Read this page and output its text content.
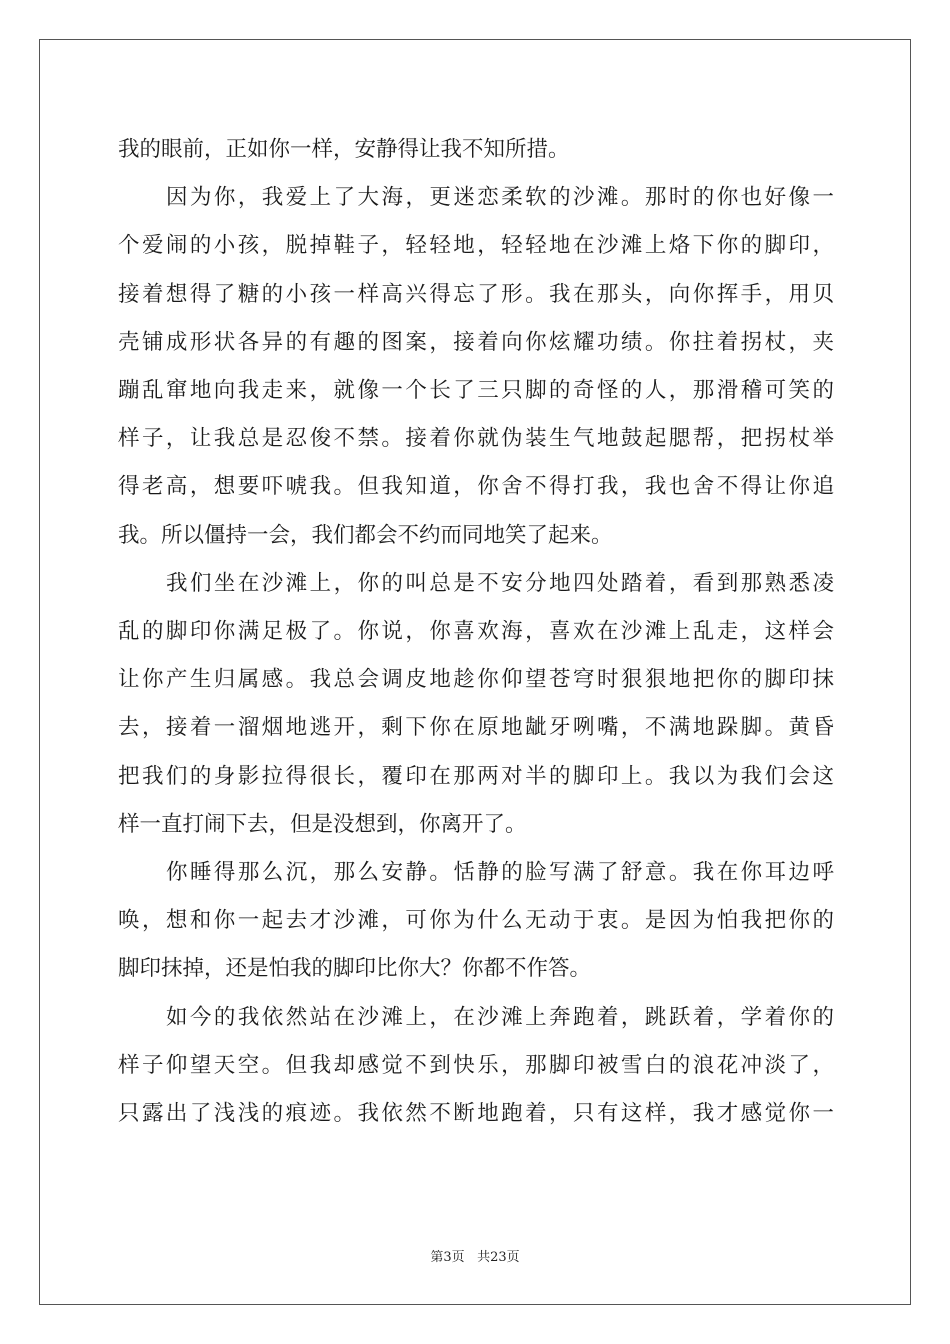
我的眼前，正如你一样，安静得让我不知所措。
因为你，我爱上了大海，更迷恋柔软的沙滩。那时的你也好像一
个爱闹的小孩，脱掉鞋子，轻轻地，轻轻地在沙滩上烙下你的脚印，
接着想得了糖的小孩一样高兴得忘了形。我在那头，向你挥手，用贝
壳铺成形状各异的有趣的图案，接着向你炫耀功绩。你拄着拐杖，夹
蹦乱窜地向我走来，就像一个长了三只脚的奇怪的人，那滑稽可笑的
样子，让我总是忍俊不禁。接着你就伪装生气地鼓起腮帮，把拐杖举
得老高，想要吓唬我。但我知道，你舍不得打我，我也舍不得让你追
我。所以僵持一会，我们都会不约而同地笑了起来。
我们坐在沙滩上，你的叫总是不安分地四处踏着，看到那熟悉凌
乱的脚印你满足极了。你说，你喜欢海，喜欢在沙滩上乱走，这样会
让你产生归属感。我总会调皮地趁你仰望苍穹时狠狠地把你的脚印抹
去，接着一溜烟地逃开，剩下你在原地龇牙咧嘴，不满地跺脚。黄昏
把我们的身影拉得很长，覆印在那两对半的脚印上。我以为我们会这
样一直打闹下去，但是没想到，你离开了。
你睡得那么沉，那么安静。恬静的脸写满了舒意。我在你耳边呼
唤，想和你一起去才沙滩，可你为什么无动于衷。是因为怕我把你的
脚印抹掉，还是怕我的脚印比你大？你都不作答。
如今的我依然站在沙滩上，在沙滩上奔跑着，跳跃着，学着你的
样子仰望天空。但我却感觉不到快乐，那脚印被雪白的浪花冲淡了，
只露出了浅浅的痕迹。我依然不断地跑着，只有这样，我才感觉你一
第3页 共23页
